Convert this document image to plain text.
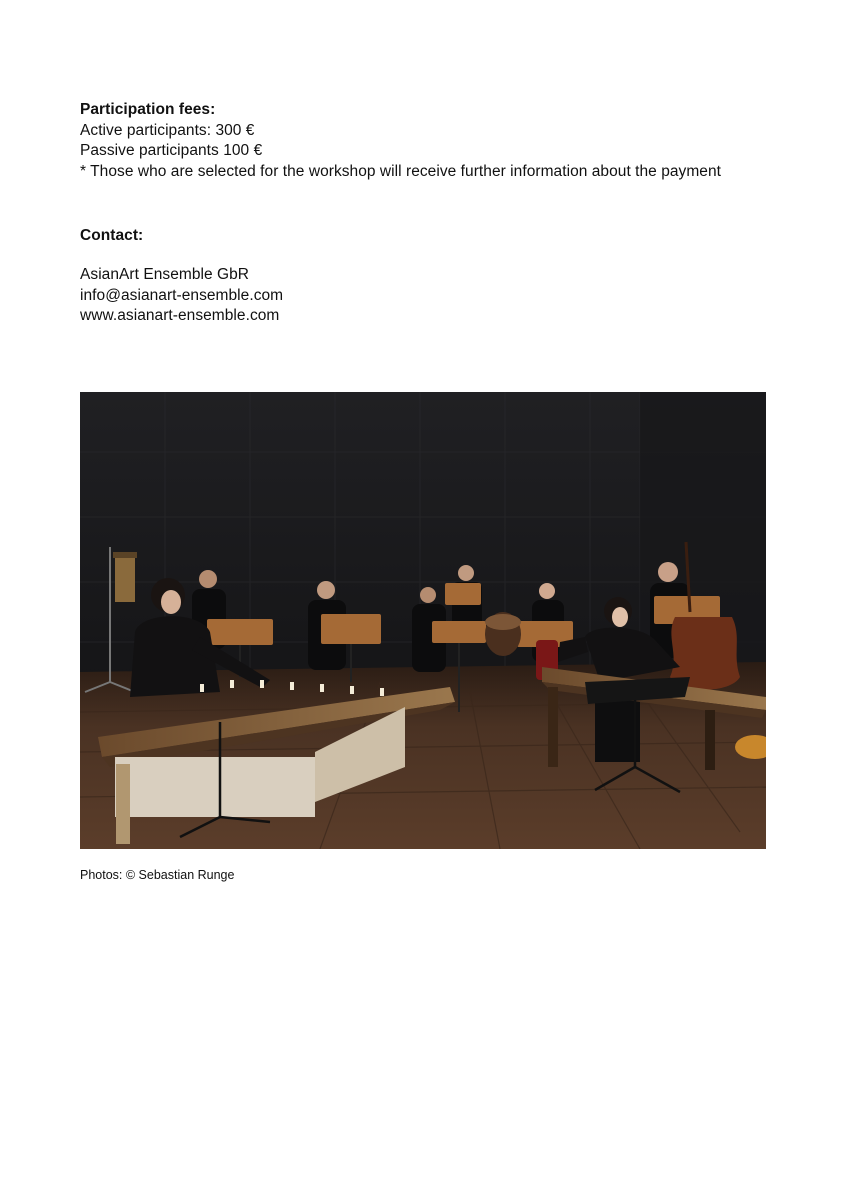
Participation fees:
Active participants: 300 €
Passive participants 100 €
* Those who are selected for the workshop will receive further information about the payment
Contact:
AsianArt Ensemble GbR
info@asianart-ensemble.com
www.asianart-ensemble.com
Photos: © Sebastian Runge
